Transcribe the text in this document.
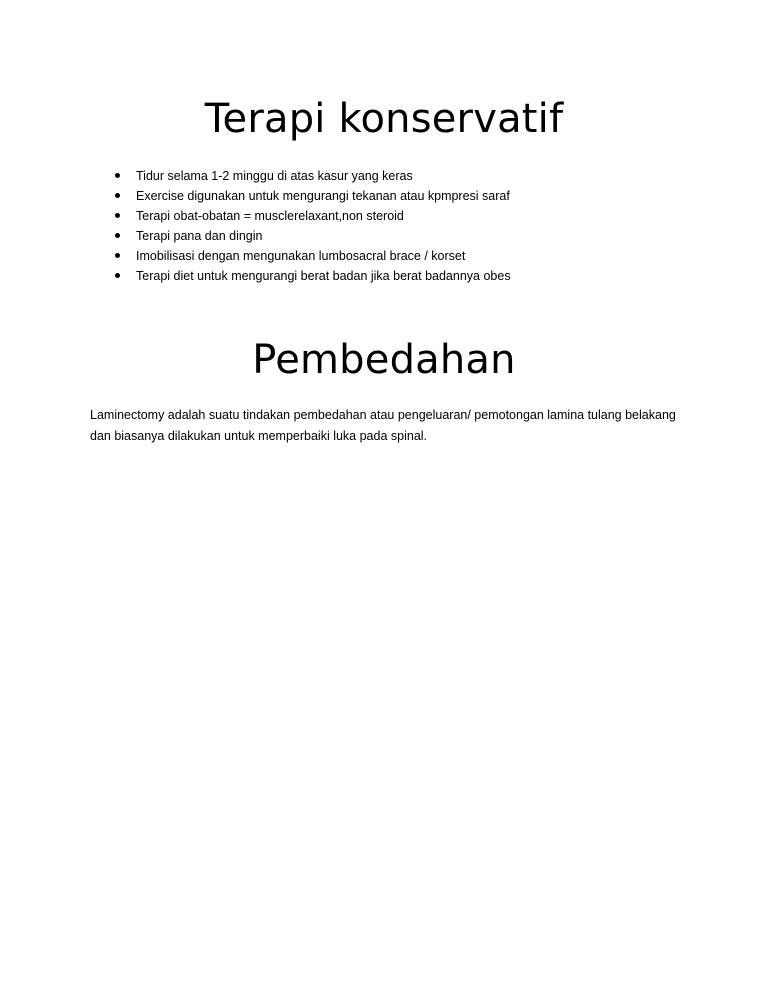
Terapi konservatif
Tidur selama 1-2 minggu di atas kasur yang keras
Exercise digunakan untuk mengurangi tekanan atau kpmpresi saraf
Terapi obat-obatan = musclerelaxant,non steroid
Terapi pana dan dingin
Imobilisasi dengan mengunakan lumbosacral brace / korset
Terapi diet untuk mengurangi berat badan jika berat badannya obes
Pembedahan

Laminectomy adalah suatu tindakan pembedahan atau pengeluaran/ pemotongan lamina tulang belakang dan biasanya dilakukan untuk memperbaiki luka pada spinal.
